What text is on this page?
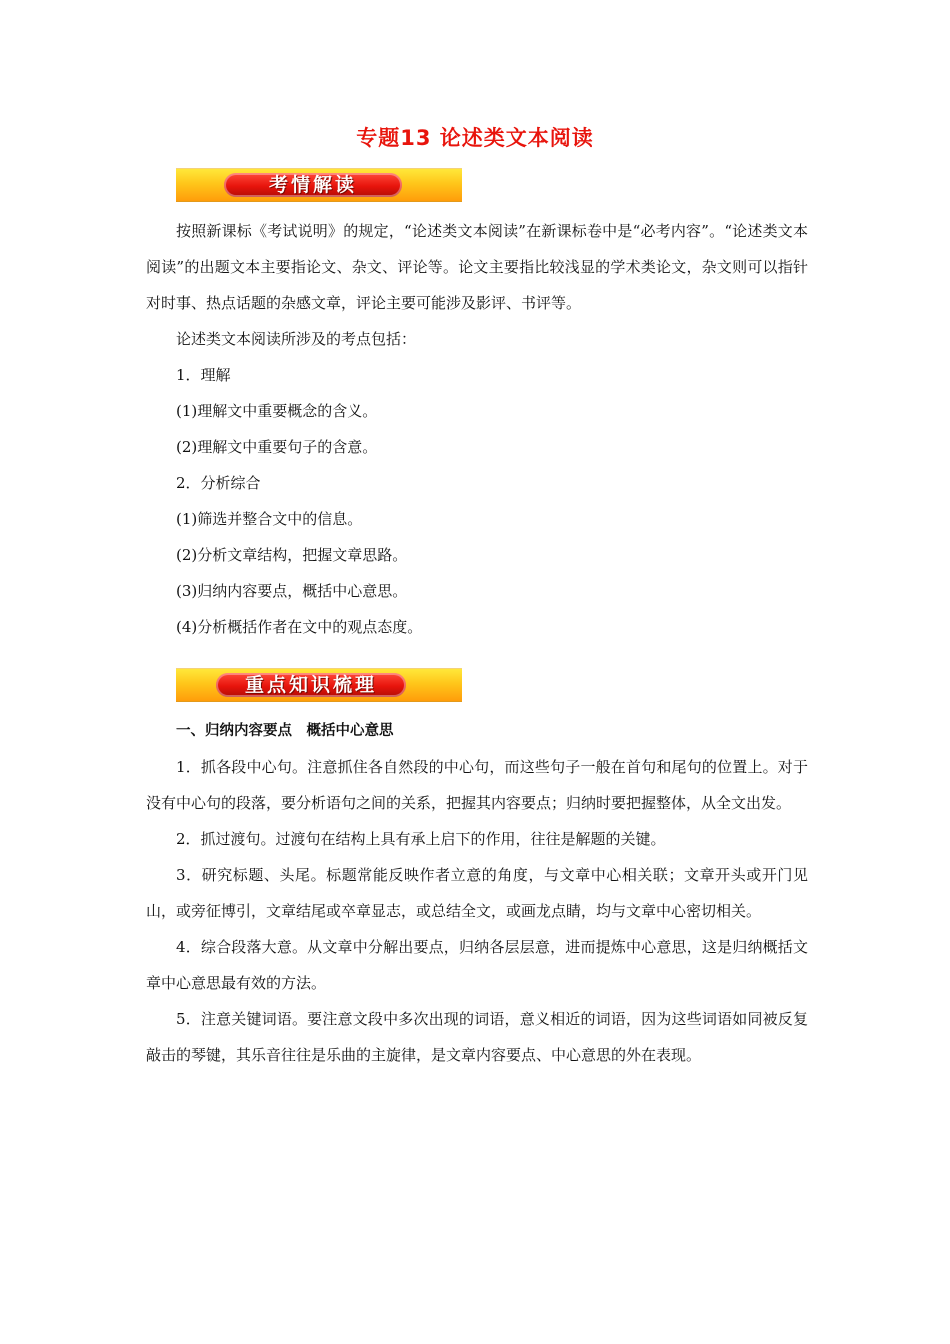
专题13 论述类文本阅读
考情解读

按照新课标《考试说明》的规定，“论述类文本阅读”在新课标卷中是“必考内容”。“论述类文本阅读”的出题文本主要指论文、杂文、评论等。论文主要指比较浅显的学术类论文，杂文则可以指针对时事、热点话题的杂感文章，评论主要可能涉及影评、书评等。

论述类文本阅读所涉及的考点包括：

1．理解

(1)理解文中重要概念的含义。

(2)理解文中重要句子的含意。

2．分析综合

(1)筛选并整合文中的信息。

(2)分析文章结构，把握文章思路。

(3)归纳内容要点，概括中心意思。

(4)分析概括作者在文中的观点态度。

重点知识梳理

一、归纳内容要点　概括中心意思

1．抓各段中心句。注意抓住各自然段的中心句，而这些句子一般在首句和尾句的位置上。对于没有中心句的段落，要分析语句之间的关系，把握其内容要点；归纳时要把握整体，从全文出发。

2．抓过渡句。过渡句在结构上具有承上启下的作用，往往是解题的关键。

3．研究标题、头尾。标题常能反映作者立意的角度，与文章中心相关联；文章开头或开门见山，或旁征博引，文章结尾或卒章显志，或总结全文，或画龙点睛，均与文章中心密切相关。

4．综合段落大意。从文章中分解出要点，归纳各层层意，进而提炼中心意思，这是归纳概括文章中心意思最有效的方法。

5．注意关键词语。要注意文段中多次出现的词语，意义相近的词语，因为这些词语如同被反复敲击的琴键，其乐音往往是乐曲的主旋律，是文章内容要点、中心意思的外在表现。
